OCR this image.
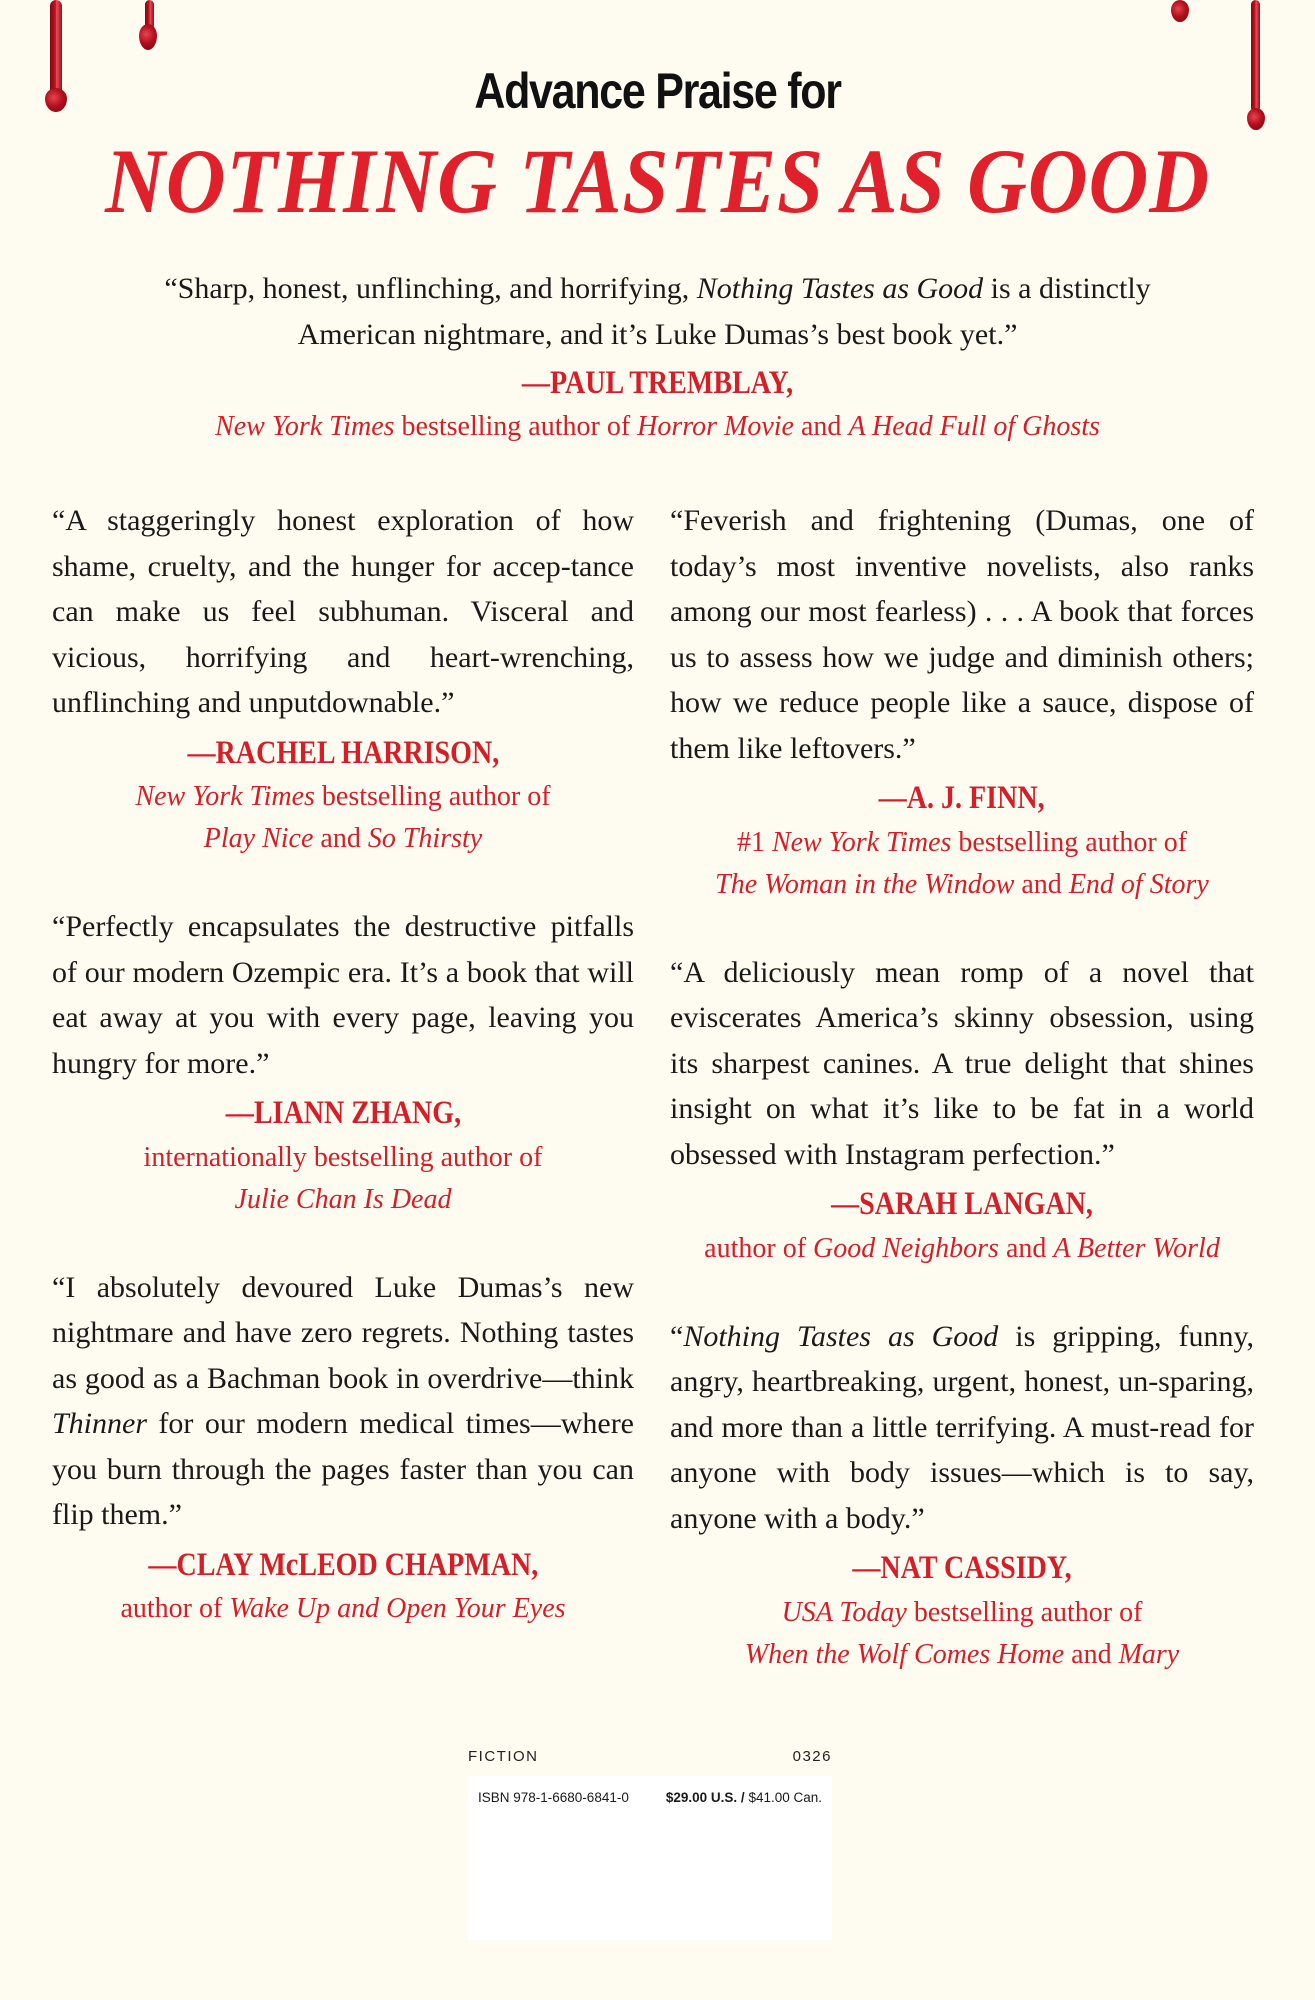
Advance Praise for
NOTHING TASTES AS GOOD
“Sharp, honest, unflinching, and horrifying, Nothing Tastes as Good is a distinctly American nightmare, and it’s Luke Dumas’s best book yet.”
—PAUL TREMBLAY,
New York Times bestselling author of Horror Movie and A Head Full of Ghosts
“A staggeringly honest exploration of how shame, cruelty, and the hunger for accep-tance can make us feel subhuman. Visceral and vicious, horrifying and heart-wrenching, unflinching and unputdownable.”
—RACHEL HARRISON,
New York Times bestselling author of
Play Nice and So Thirsty
“Perfectly encapsulates the destructive pitfalls of our modern Ozempic era. It’s a book that will eat away at you with every page, leaving you hungry for more.”
—LIANN ZHANG,
internationally bestselling author of
Julie Chan Is Dead
“I absolutely devoured Luke Dumas’s new nightmare and have zero regrets. Nothing tastes as good as a Bachman book in overdrive—think Thinner for our modern medical times—where you burn through the pages faster than you can flip them.”
—CLAY McLEOD CHAPMAN,
author of Wake Up and Open Your Eyes
“Feverish and frightening (Dumas, one of today’s most inventive novelists, also ranks among our most fearless) . . . A book that forces us to assess how we judge and diminish others; how we reduce people like a sauce, dispose of them like leftovers.”
—A. J. FINN,
#1 New York Times bestselling author of
The Woman in the Window and End of Story
“A deliciously mean romp of a novel that eviscerates America’s skinny obsession, using its sharpest canines. A true delight that shines insight on what it’s like to be fat in a world obsessed with Instagram perfection.”
—SARAH LANGAN,
author of Good Neighbors and A Better World
“Nothing Tastes as Good is gripping, funny, angry, heartbreaking, urgent, honest, un-sparing, and more than a little terrifying. A must-read for anyone with body issues—which is to say, anyone with a body.”
—NAT CASSIDY,
USA Today bestselling author of
When the Wolf Comes Home and Mary
FICTION	0326
ISBN 978-1-6680-6841-0	$29.00 U.S. / $41.00 Can.
